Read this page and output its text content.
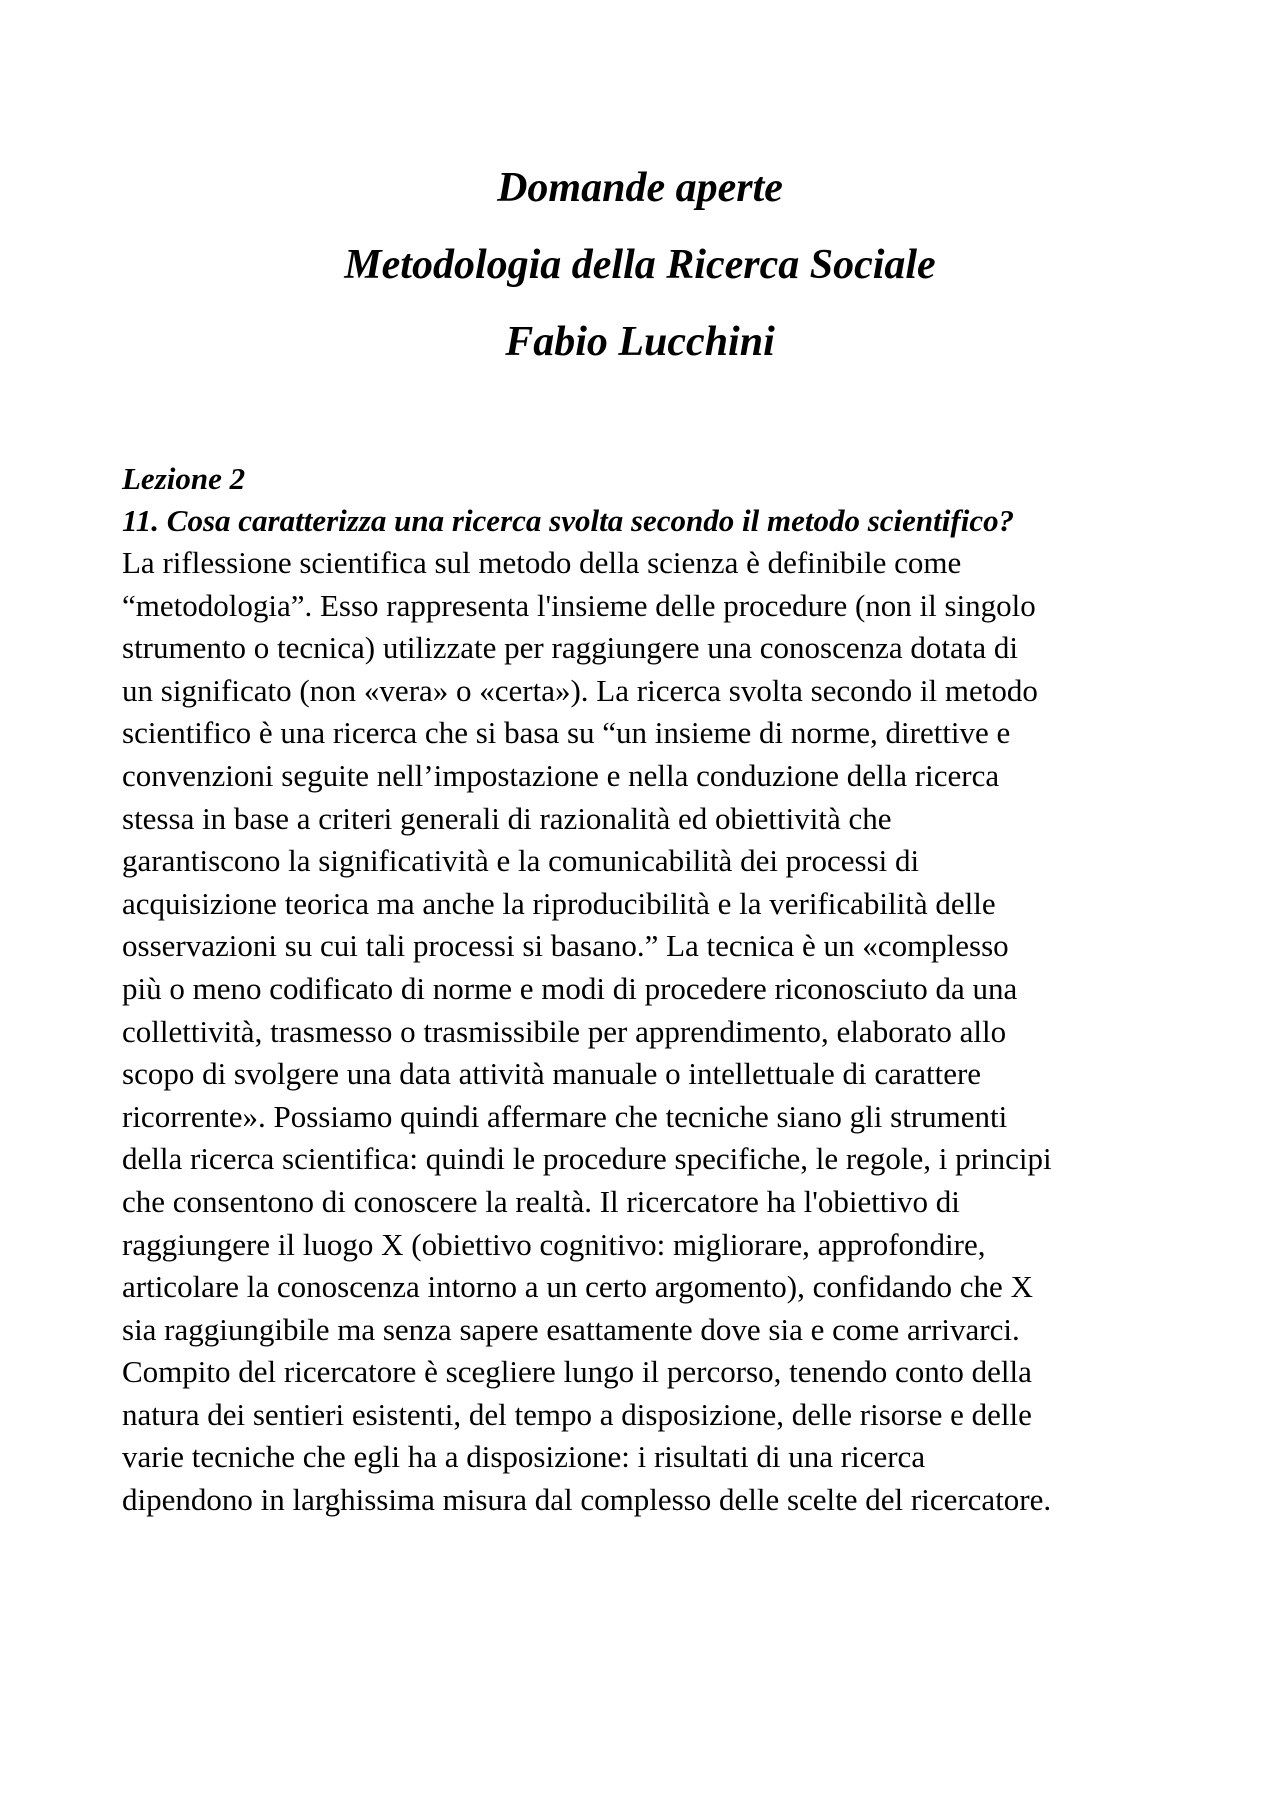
Domande aperte

Metodologia della Ricerca Sociale

Fabio Lucchini

Lezione 2

11. Cosa caratterizza una ricerca svolta secondo il metodo scientifico?

La riflessione scientifica sul metodo della scienza è definibile come
“metodologia”. Esso rappresenta l'insieme delle procedure (non il singolo
strumento o tecnica) utilizzate per raggiungere una conoscenza dotata di
un significato (non «vera» o «certa»). La ricerca svolta secondo il metodo
scientifico è una ricerca che si basa su “un insieme di norme, direttive e
convenzioni seguite nell’impostazione e nella conduzione della ricerca
stessa in base a criteri generali di razionalità ed obiettività che
garantiscono la significatività e la comunicabilità dei processi di
acquisizione teorica ma anche la riproducibilità e la verificabilità delle
osservazioni su cui tali processi si basano.” La tecnica è un «complesso
più o meno codificato di norme e modi di procedere riconosciuto da una
collettività, trasmesso o trasmissibile per apprendimento, elaborato allo
scopo di svolgere una data attività manuale o intellettuale di carattere
ricorrente». Possiamo quindi affermare che tecniche siano gli strumenti
della ricerca scientifica: quindi le procedure specifiche, le regole, i principi
che consentono di conoscere la realtà. Il ricercatore ha l'obiettivo di
raggiungere il luogo X (obiettivo cognitivo: migliorare, approfondire,
articolare la conoscenza intorno a un certo argomento), confidando che X
sia raggiungibile ma senza sapere esattamente dove sia e come arrivarci.
Compito del ricercatore è scegliere lungo il percorso, tenendo conto della
natura dei sentieri esistenti, del tempo a disposizione, delle risorse e delle
varie tecniche che egli ha a disposizione: i risultati di una ricerca
dipendono in larghissima misura dal complesso delle scelte del ricercatore.
